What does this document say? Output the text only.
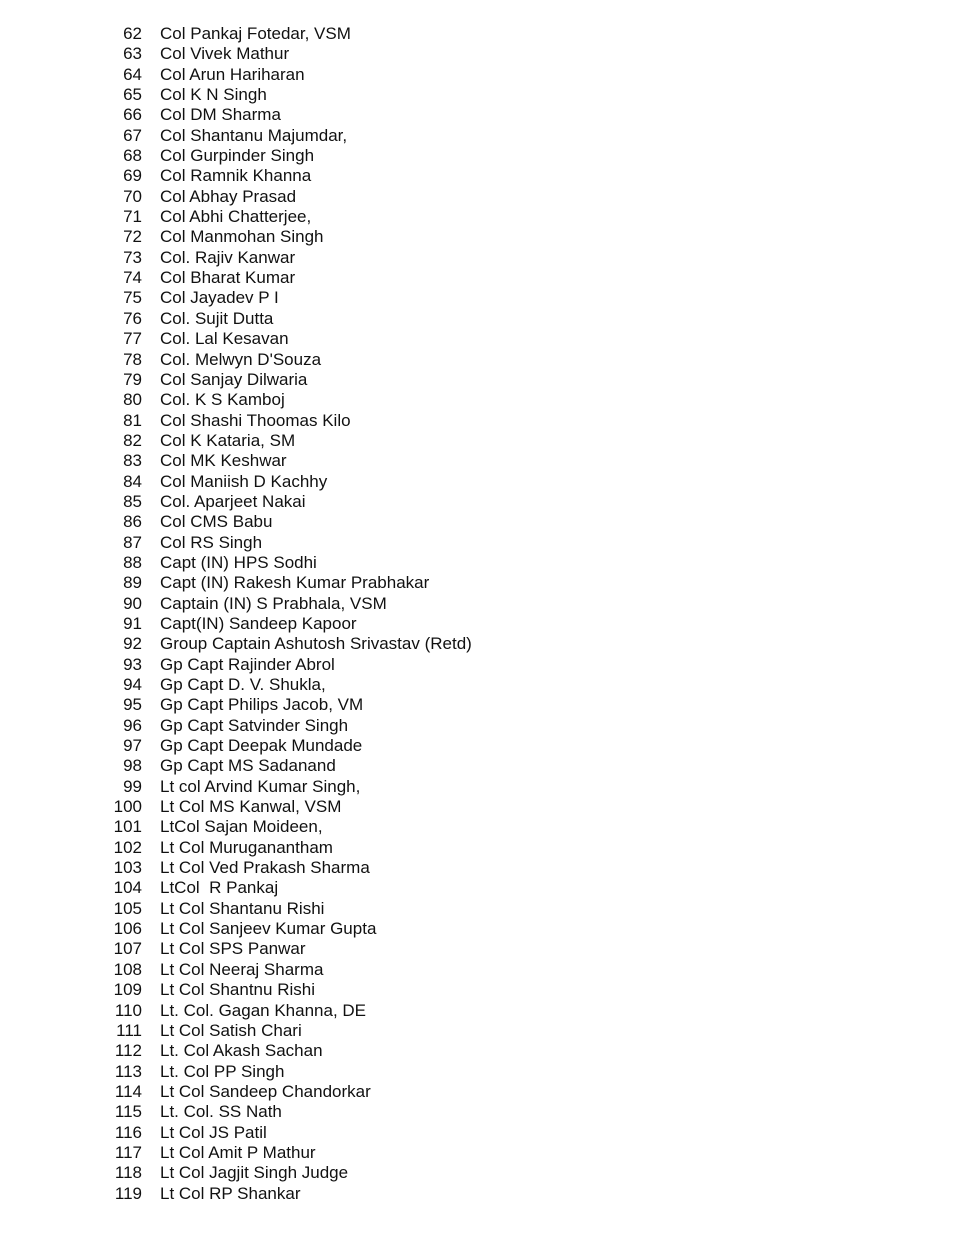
62 Col Pankaj Fotedar, VSM
63 Col Vivek Mathur
64 Col Arun Hariharan
65 Col K N Singh
66 Col DM Sharma
67 Col Shantanu Majumdar,
68 Col Gurpinder Singh
69 Col Ramnik Khanna
70 Col Abhay Prasad
71 Col Abhi Chatterjee,
72 Col Manmohan Singh
73 Col. Rajiv Kanwar
74 Col Bharat Kumar
75 Col Jayadev P I
76 Col. Sujit Dutta
77 Col. Lal Kesavan
78 Col. Melwyn D'Souza
79 Col Sanjay Dilwaria
80 Col. K S Kamboj
81 Col Shashi Thoomas Kilo
82 Col K Kataria, SM
83 Col MK Keshwar
84 Col Maniish D Kachhy
85 Col. Aparjeet Nakai
86 Col CMS Babu
87 Col RS Singh
88 Capt (IN) HPS Sodhi
89 Capt (IN) Rakesh Kumar Prabhakar
90 Captain (IN) S Prabhala, VSM
91 Capt(IN) Sandeep Kapoor
92 Group Captain Ashutosh Srivastav (Retd)
93 Gp Capt Rajinder Abrol
94 Gp Capt D. V. Shukla,
95 Gp Capt Philips Jacob, VM
96 Gp Capt Satvinder Singh
97 Gp Capt Deepak Mundade
98 Gp Capt MS Sadanand
99 Lt col Arvind Kumar Singh,
100 Lt Col MS Kanwal, VSM
101 LtCol Sajan Moideen,
102 Lt Col Muruganantham
103 Lt Col Ved Prakash Sharma
104 LtCol  R Pankaj
105 Lt Col Shantanu Rishi
106 Lt Col Sanjeev Kumar Gupta
107 Lt Col SPS Panwar
108 Lt Col Neeraj Sharma
109 Lt Col Shantnu Rishi
110 Lt. Col. Gagan Khanna, DE
111 Lt Col Satish Chari
112 Lt. Col Akash Sachan
113 Lt. Col PP Singh
114 Lt Col Sandeep Chandorkar
115 Lt. Col. SS Nath
116 Lt Col JS Patil
117 Lt Col Amit P Mathur
118 Lt Col Jagjit Singh Judge
119 Lt Col RP Shankar
